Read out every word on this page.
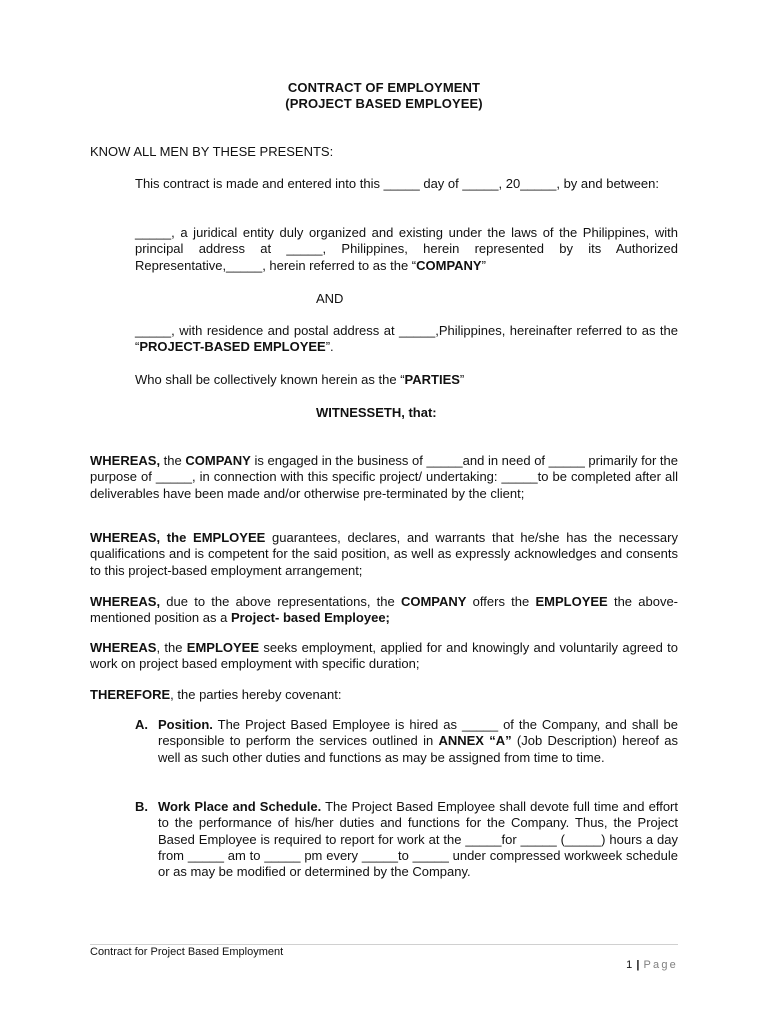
CONTRACT OF EMPLOYMENT
(PROJECT BASED EMPLOYEE)
KNOW ALL MEN BY THESE PRESENTS:
This contract is made and entered into this _____ day of _____, 20_____, by and between:
_____, a juridical entity duly organized and existing under the laws of the Philippines, with principal address at _____, Philippines, herein represented by its Authorized Representative,_____, herein referred to as the “COMPANY”
AND
_____, with residence and postal address at _____,Philippines, hereinafter referred to as the “PROJECT-BASED EMPLOYEE”.
Who shall be collectively known herein as the “PARTIES”
WITNESSETH, that:
WHEREAS, the COMPANY is engaged in the business of _____and in need of _____ primarily for the purpose of _____, in connection with this specific project/ undertaking: _____to be completed after all deliverables have been made and/or otherwise pre-terminated by the client;
WHEREAS, the EMPLOYEE guarantees, declares, and warrants that he/she has the necessary qualifications and is competent for the said position, as well as expressly acknowledges and consents to this project-based employment arrangement;
WHEREAS, due to the above representations, the COMPANY offers the EMPLOYEE the above- mentioned position as a Project- based Employee;
WHEREAS, the EMPLOYEE seeks employment, applied for and knowingly and voluntarily agreed to work on project based employment with specific duration;
THEREFORE, the parties hereby covenant:
A. Position. The Project Based Employee is hired as _____ of the Company, and shall be responsible to perform the services outlined in ANNEX “A” (Job Description) hereof as well as such other duties and functions as may be assigned from time to time.
B. Work Place and Schedule. The Project Based Employee shall devote full time and effort to the performance of his/her duties and functions for the Company. Thus, the Project Based Employee is required to report for work at the _____for _____ (_____) hours a day from _____ am to _____ pm every _____to _____ under compressed workweek schedule or as may be modified or determined by the Company.
Contract for Project Based Employment
1 | Page
